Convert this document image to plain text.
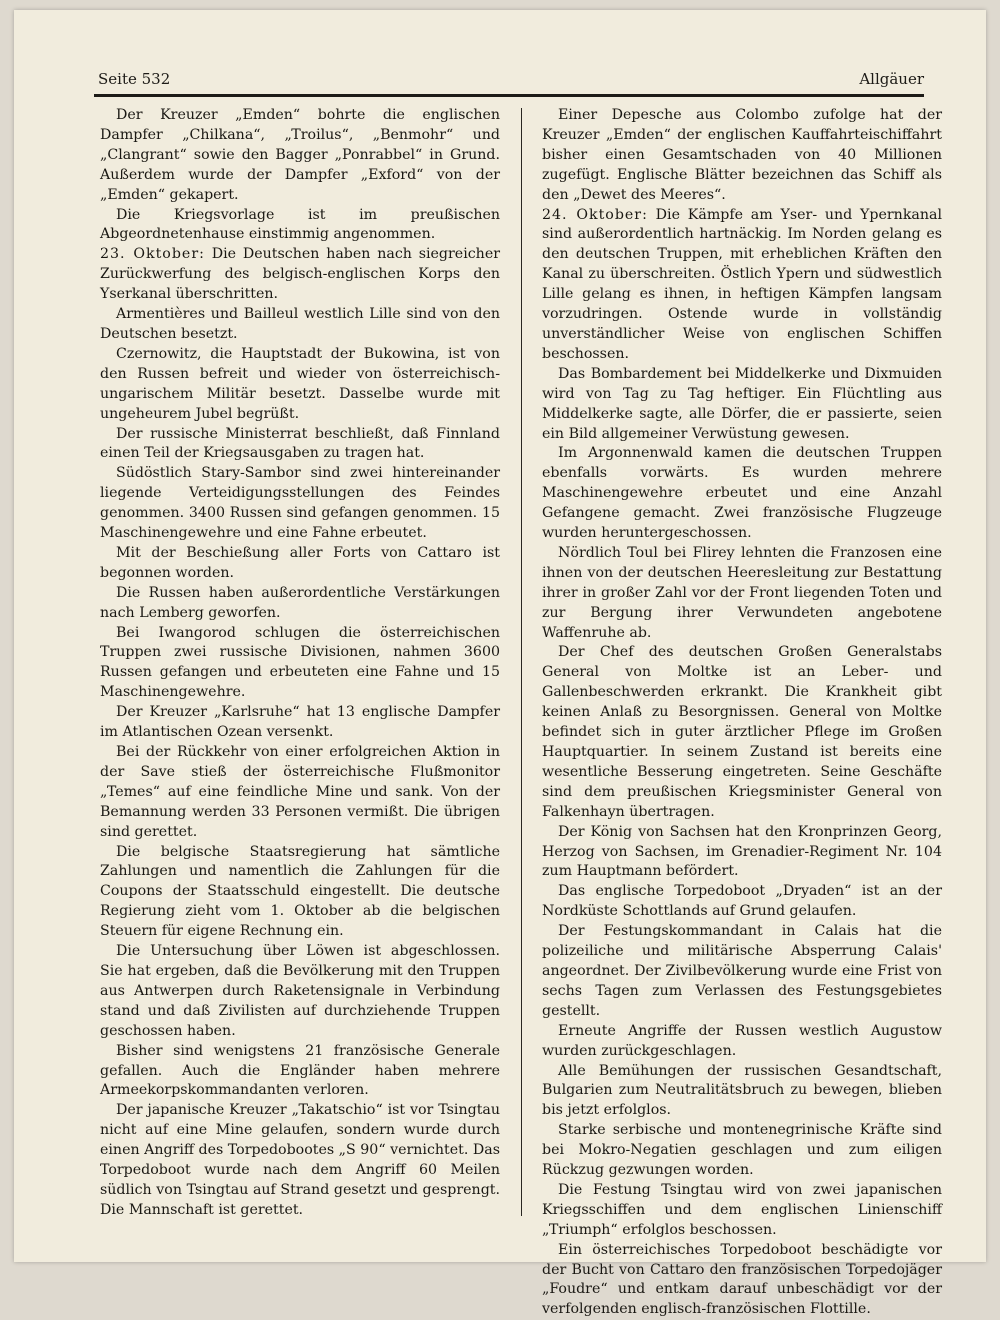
Seite 532	Allgäuer

Der Kreuzer „Emden“ bohrte die englischen Dampfer „Chilkana“, „Troilus“, „Benmohr“ und „Clangrant“ sowie den Bagger „Ponrabbel“ in Grund. Außerdem wurde der Dampfer „Exford“ von der „Emden“ gekapert.

Die Kriegsvorlage ist im preußischen Abgeordnetenhause einstimmig angenommen.

23. Oktober: Die Deutschen haben nach siegreicher Zurückwerfung des belgisch-englischen Korps den Yserkanal überschritten.

Armentières und Bailleul westlich Lille sind von den Deutschen besetzt.

Czernowitz, die Hauptstadt der Bukowina, ist von den Russen befreit und wieder von österreichisch-ungarischem Militär besetzt. Dasselbe wurde mit ungeheurem Jubel begrüßt.

Der russische Ministerrat beschließt, daß Finnland einen Teil der Kriegsausgaben zu tragen hat.

Südöstlich Stary-Sambor sind zwei hintereinander liegende Verteidigungsstellungen des Feindes genommen. 3400 Russen sind gefangen genommen. 15 Maschinengewehre und eine Fahne erbeutet.

Mit der Beschießung aller Forts von Cattaro ist begonnen worden.

Die Russen haben außerordentliche Verstärkungen nach Lemberg geworfen.

Bei Iwangorod schlugen die österreichischen Truppen zwei russische Divisionen, nahmen 3600 Russen gefangen und erbeuteten eine Fahne und 15 Maschinengewehre.

Der Kreuzer „Karlsruhe“ hat 13 englische Dampfer im Atlantischen Ozean versenkt.

Bei der Rückkehr von einer erfolgreichen Aktion in der Save stieß der österreichische Flußmonitor „Temes“ auf eine feindliche Mine und sank. Von der Bemannung werden 33 Personen vermißt. Die übrigen sind gerettet.

Die belgische Staatsregierung hat sämtliche Zahlungen und namentlich die Zahlungen für die Coupons der Staatsschuld eingestellt. Die deutsche Regierung zieht vom 1. Oktober ab die belgischen Steuern für eigene Rechnung ein.

Die Untersuchung über Löwen ist abgeschlossen. Sie hat ergeben, daß die Bevölkerung mit den Truppen aus Antwerpen durch Raketensignale in Verbindung stand und daß Zivilisten auf durchziehende Truppen geschossen haben.

Bisher sind wenigstens 21 französische Generale gefallen. Auch die Engländer haben mehrere Armeekorpskommandanten verloren.

Der japanische Kreuzer „Takatschio“ ist vor Tsingtau nicht auf eine Mine gelaufen, sondern wurde durch einen Angriff des Torpedobootes „S 90“ vernichtet. Das Torpedoboot wurde nach dem Angriff 60 Meilen südlich von Tsingtau auf Strand gesetzt und gesprengt. Die Mannschaft ist gerettet.

Einer Depesche aus Colombo zufolge hat der Kreuzer „Emden“ der englischen Kauffahrteischiffahrt bisher einen Gesamtschaden von 40 Millionen zugefügt. Englische Blätter bezeichnen das Schiff als den „Dewet des Meeres“.

24. Oktober: Die Kämpfe am Yser- und Ypernkanal sind außerordentlich hartnäckig. Im Norden gelang es den deutschen Truppen, mit erheblichen Kräften den Kanal zu überschreiten. Östlich Ypern und südwestlich Lille gelang es ihnen, in heftigen Kämpfen langsam vorzudringen. Ostende wurde in vollständig unverständlicher Weise von englischen Schiffen beschossen.

Das Bombardement bei Middelkerke und Dixmuiden wird von Tag zu Tag heftiger. Ein Flüchtling aus Middelkerke sagte, alle Dörfer, die er passierte, seien ein Bild allgemeiner Verwüstung gewesen.

Im Argonnenwald kamen die deutschen Truppen ebenfalls vorwärts. Es wurden mehrere Maschinengewehre erbeutet und eine Anzahl Gefangene gemacht. Zwei französische Flugzeuge wurden heruntergeschossen.

Nördlich Toul bei Flirey lehnten die Franzosen eine ihnen von der deutschen Heeresleitung zur Bestattung ihrer in großer Zahl vor der Front liegenden Toten und zur Bergung ihrer Verwundeten angebotene Waffenruhe ab.

Der Chef des deutschen Großen Generalstabs General von Moltke ist an Leber- und Gallenbeschwerden erkrankt. Die Krankheit gibt keinen Anlaß zu Besorgnissen. General von Moltke befindet sich in guter ärztlicher Pflege im Großen Hauptquartier. In seinem Zustand ist bereits eine wesentliche Besserung eingetreten. Seine Geschäfte sind dem preußischen Kriegsminister General von Falkenhayn übertragen.

Der König von Sachsen hat den Kronprinzen Georg, Herzog von Sachsen, im Grenadier-Regiment Nr. 104 zum Hauptmann befördert.

Das englische Torpedoboot „Dryaden“ ist an der Nordküste Schottlands auf Grund gelaufen.

Der Festungskommandant in Calais hat die polizeiliche und militärische Absperrung Calais' angeordnet. Der Zivilbevölkerung wurde eine Frist von sechs Tagen zum Verlassen des Festungsgebietes gestellt.

Erneute Angriffe der Russen westlich Augustow wurden zurückgeschlagen.

Alle Bemühungen der russischen Gesandtschaft, Bulgarien zum Neutralitätsbruch zu bewegen, blieben bis jetzt erfolglos.

Starke serbische und montenegrinische Kräfte sind bei Mokro-Negatien geschlagen und zum eiligen Rückzug gezwungen worden.

Die Festung Tsingtau wird von zwei japanischen Kriegsschiffen und dem englischen Linienschiff „Triumph“ erfolglos beschossen.

Ein österreichisches Torpedoboot beschädigte vor der Bucht von Cattaro den französischen Torpedojäger „Foudre“ und entkam darauf unbeschädigt vor der verfolgenden englisch-französischen Flottille.
